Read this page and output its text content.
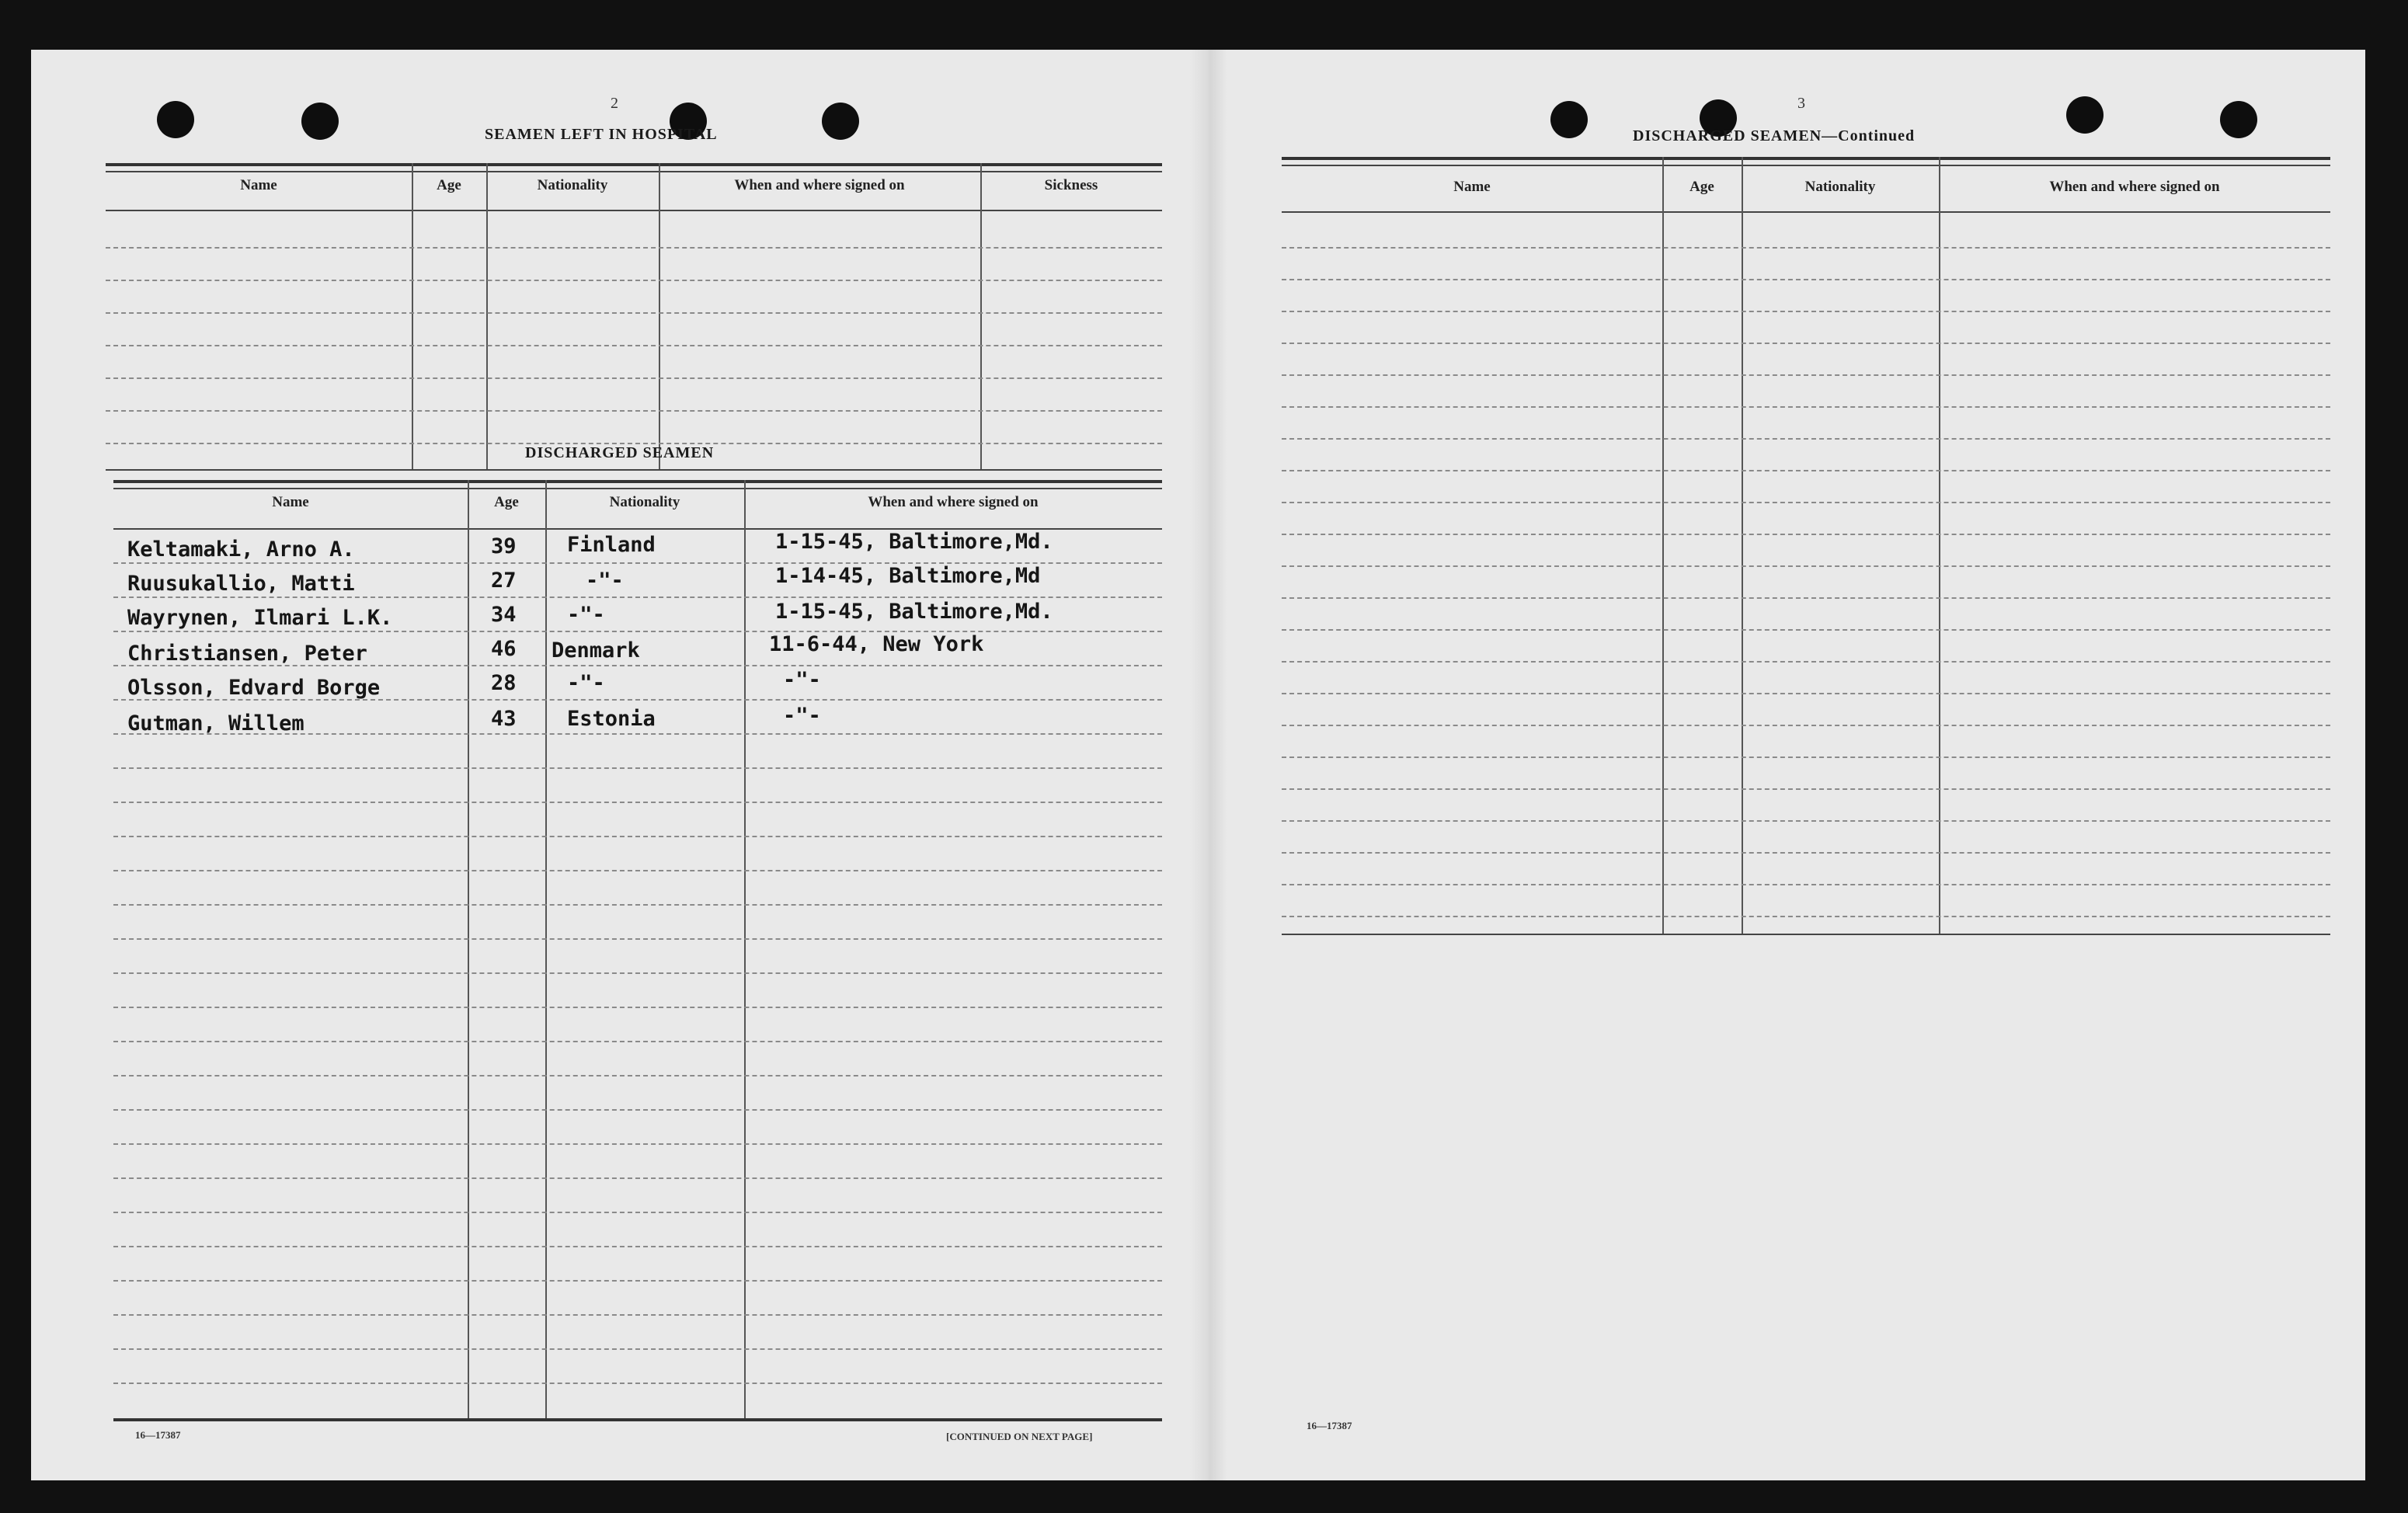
2
SEAMEN LEFT IN HOSPITAL
Name	Age	Nationality	When and where signed on	Sickness
DISCHARGED SEAMEN
Name	Age	Nationality	When and where signed on
Keltamaki, Arno A.	39 Finland	1-15-45, Baltimore,Md.
Ruusukallio, Matti	27	-"-	1-14-45, Baltimore,Md
Wayrynen, Ilmari L.K.	34 -"-	1-15-45, Baltimore,Md.
Christiansen, Peter	46 Denmark	11-6-44, New York
Olsson, Edvard Borge	28 -"-	-"-
Gutman, Willem	43 Estonia	-"-
16—17387	[CONTINUED ON NEXT PAGE]
3
DISCHARGED SEAMEN—Continued
Name	Age	Nationality	When and where signed on
16—17387
